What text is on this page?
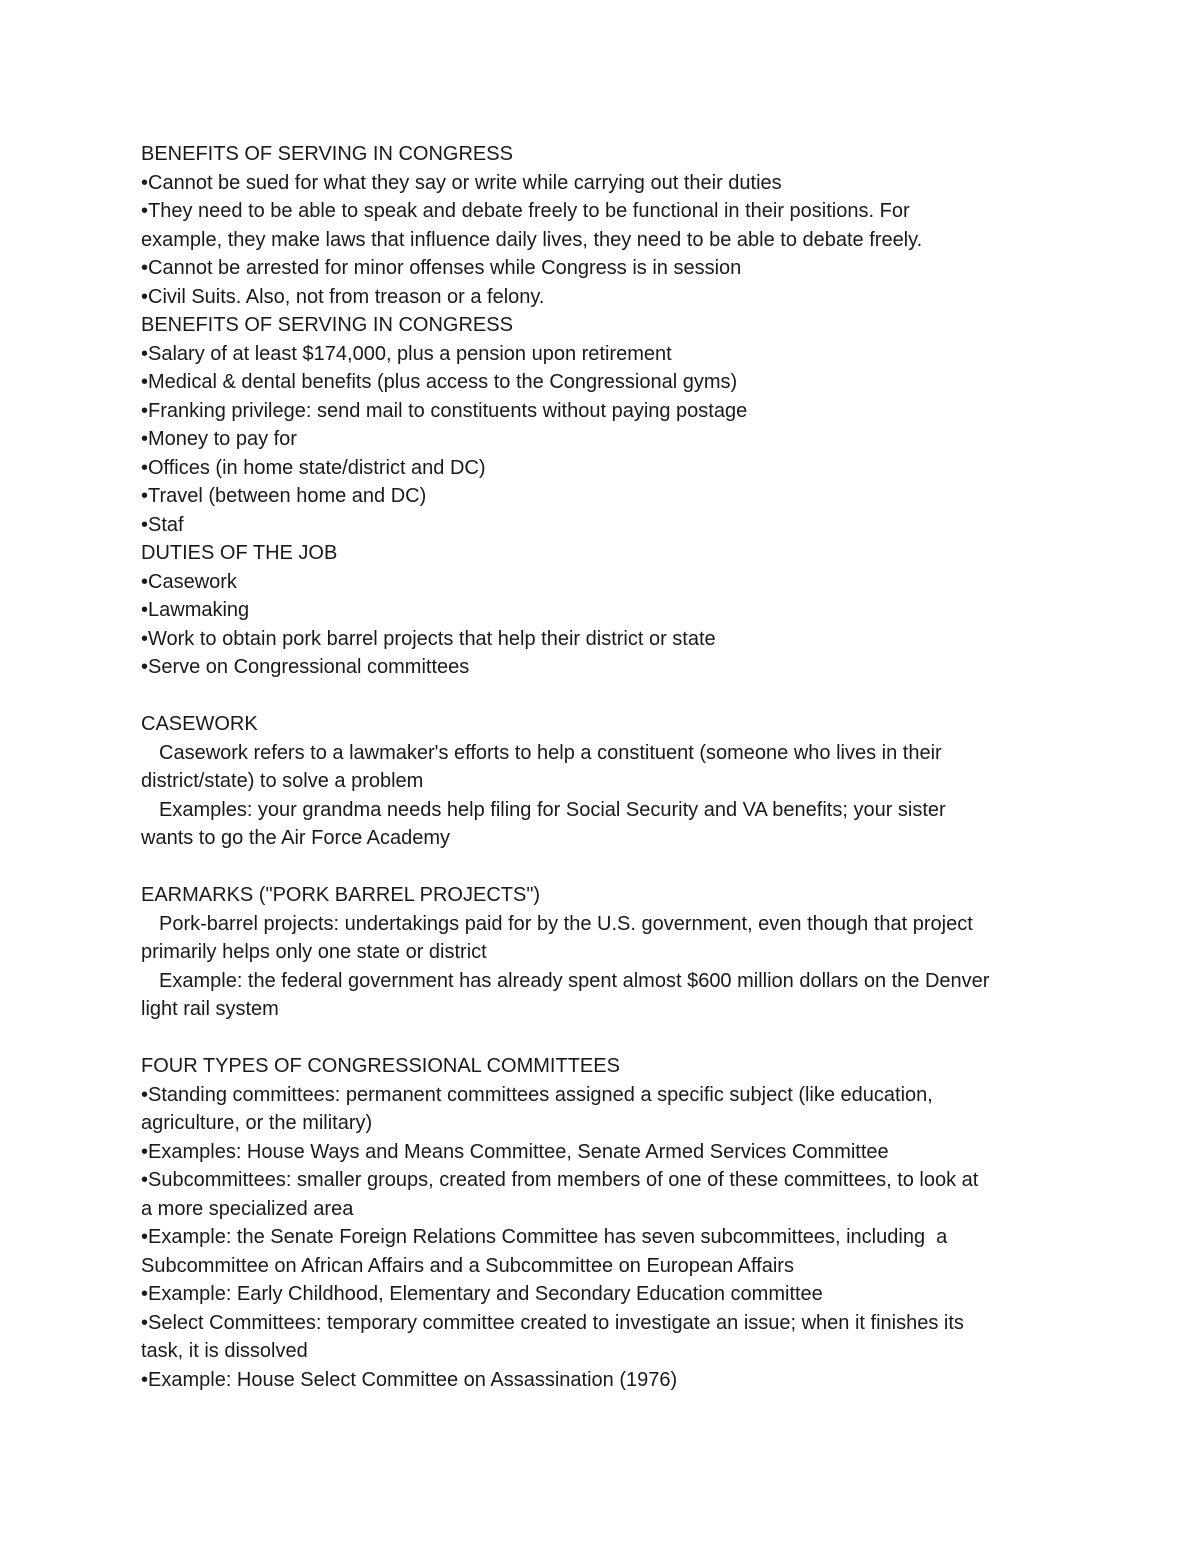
BENEFITS OF SERVING IN CONGRESS
•Cannot be sued for what they say or write while carrying out their duties
•They need to be able to speak and debate freely to be functional in their positions. For
example, they make laws that influence daily lives, they need to be able to debate freely.
•Cannot be arrested for minor offenses while Congress is in session
•Civil Suits. Also, not from treason or a felony.
BENEFITS OF SERVING IN CONGRESS
•Salary of at least $174,000, plus a pension upon retirement
•Medical & dental benefits (plus access to the Congressional gyms)
•Franking privilege: send mail to constituents without paying postage
•Money to pay for
•Offices (in home state/district and DC)
•Travel (between home and DC)
•Staf
DUTIES OF THE JOB
•Casework
•Lawmaking
•Work to obtain pork barrel projects that help their district or state
•Serve on Congressional committees
CASEWORK
Casework refers to a lawmaker's efforts to help a constituent (someone who lives in their
district/state) to solve a problem
Examples: your grandma needs help filing for Social Security and VA benefits; your sister
wants to go the Air Force Academy
EARMARKS ("PORK BARREL PROJECTS")
Pork-barrel projects: undertakings paid for by the U.S. government, even though that project
primarily helps only one state or district
Example: the federal government has already spent almost $600 million dollars on the Denver
light rail system
FOUR TYPES OF CONGRESSIONAL COMMITTEES
•Standing committees: permanent committees assigned a specific subject (like education,
agriculture, or the military)
•Examples: House Ways and Means Committee, Senate Armed Services Committee
•Subcommittees: smaller groups, created from members of one of these committees, to look at
a more specialized area
•Example: the Senate Foreign Relations Committee has seven subcommittees, including  a
Subcommittee on African Affairs and a Subcommittee on European Affairs
•Example: Early Childhood, Elementary and Secondary Education committee
•Select Committees: temporary committee created to investigate an issue; when it finishes its
task, it is dissolved
•Example: House Select Committee on Assassination (1976)
